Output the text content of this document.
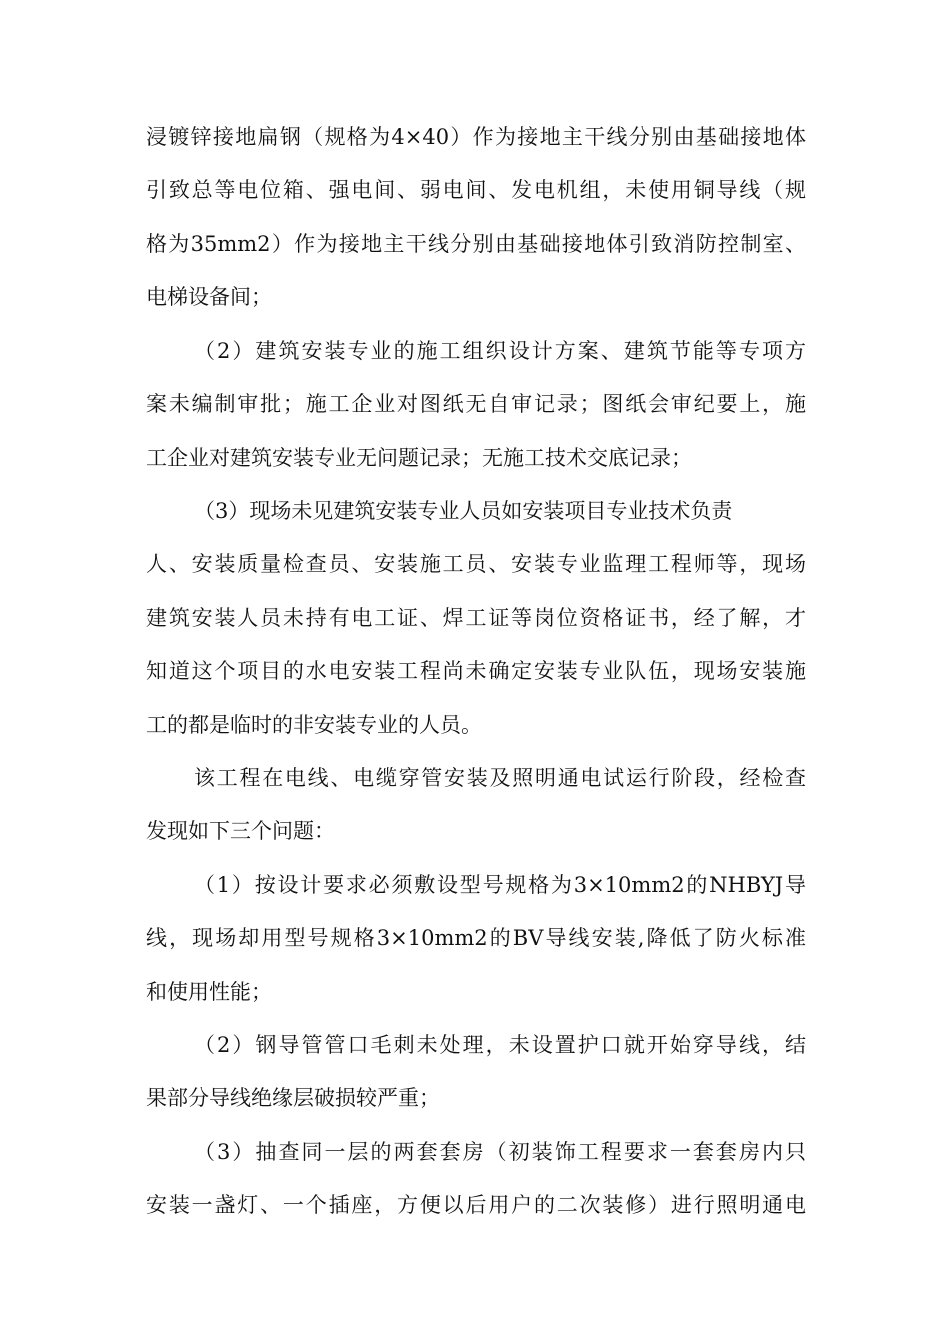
浸镀锌接地扁钢（规格为4×40）作为接地主干线分别由基础接地体
引致总等电位箱、强电间、弱电间、发电机组，未使用铜导线（规
格为35mm2）作为接地主干线分别由基础接地体引致消防控制室、
电梯设备间；
（2）建筑安装专业的施工组织设计方案、建筑节能等专项方
案未编制审批；施工企业对图纸无自审记录；图纸会审纪要上，施
工企业对建筑安装专业无问题记录；无施工技术交底记录；
（3）现场未见建筑安装专业人员如安装项目专业技术负责
人、安装质量检查员、安装施工员、安装专业监理工程师等，现场
建筑安装人员未持有电工证、焊工证等岗位资格证书，经了解，才
知道这个项目的水电安装工程尚未确定安装专业队伍，现场安装施
工的都是临时的非安装专业的人员。
该工程在电线、电缆穿管安装及照明通电试运行阶段，经检查
发现如下三个问题：
（1）按设计要求必须敷设型号规格为3×10mm2的NHBYJ导
线，现场却用型号规格3×10mm2的BV导线安装,降低了防火标准
和使用性能；
（2）钢导管管口毛刺未处理，未设置护口就开始穿导线，结
果部分导线绝缘层破损较严重；
（3）抽查同一层的两套套房（初装饰工程要求一套套房内只
安装一盏灯、一个插座，方便以后用户的二次装修）进行照明通电
